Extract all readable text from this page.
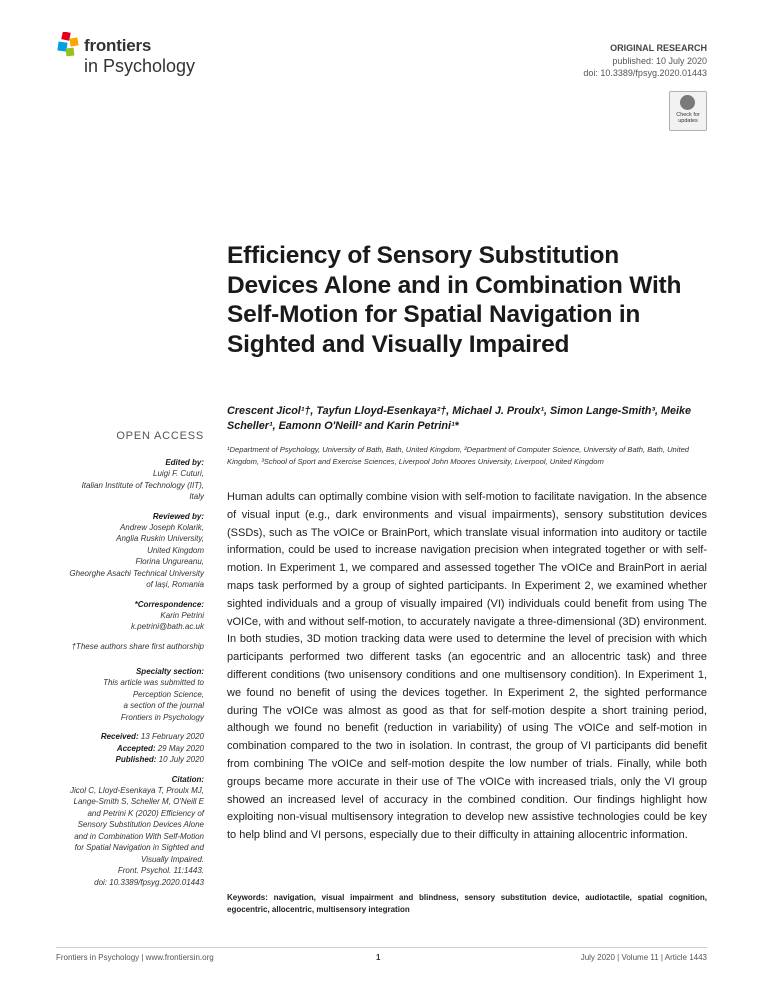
frontiers
in Psychology
ORIGINAL RESEARCH
published: 10 July 2020
doi: 10.3389/fpsyg.2020.01443
Check for updates
Efficiency of Sensory Substitution Devices Alone and in Combination With Self-Motion for Spatial Navigation in Sighted and Visually Impaired
Crescent Jicol¹†, Tayfun Lloyd-Esenkaya²†, Michael J. Proulx¹, Simon Lange-Smith³, Meike Scheller¹, Eamonn O'Neill² and Karin Petrini¹*
¹Department of Psychology, University of Bath, Bath, United Kingdom, ²Department of Computer Science, University of Bath, Bath, United Kingdom, ³School of Sport and Exercise Sciences, Liverpool John Moores University, Liverpool, United Kingdom
OPEN ACCESS
Edited by:
Luigi F. Cuturi,
Italian Institute of Technology (IIT),
Italy
Reviewed by:
Andrew Joseph Kolarik,
Anglia Ruskin University,
United Kingdom
Florina Ungureanu,
Gheorghe Asachi Technical University
of Iași, Romania
*Correspondence:
Karin Petrini
k.petrini@bath.ac.uk
†These authors share first authorship
Specialty section:
This article was submitted to
Perception Science,
a section of the journal
Frontiers in Psychology
Received: 13 February 2020
Accepted: 29 May 2020
Published: 10 July 2020
Citation:
Jicol C, Lloyd-Esenkaya T, Proulx MJ,
Lange-Smith S, Scheller M, O'Neill E
and Petrini K (2020) Efficiency of
Sensory Substitution Devices Alone
and in Combination With Self-Motion
for Spatial Navigation in Sighted and
Visually Impaired.
Front. Psychol. 11:1443.
doi: 10.3389/fpsyg.2020.01443
Human adults can optimally combine vision with self-motion to facilitate navigation. In the absence of visual input (e.g., dark environments and visual impairments), sensory substitution devices (SSDs), such as The vOICe or BrainPort, which translate visual information into auditory or tactile information, could be used to increase navigation precision when integrated together or with self-motion. In Experiment 1, we compared and assessed together The vOICe and BrainPort in aerial maps task performed by a group of sighted participants. In Experiment 2, we examined whether sighted individuals and a group of visually impaired (VI) individuals could benefit from using The vOICe, with and without self-motion, to accurately navigate a three-dimensional (3D) environment. In both studies, 3D motion tracking data were used to determine the level of precision with which participants performed two different tasks (an egocentric and an allocentric task) and three different conditions (two unisensory conditions and one multisensory condition). In Experiment 1, we found no benefit of using the devices together. In Experiment 2, the sighted performance during The vOICe was almost as good as that for self-motion despite a short training period, although we found no benefit (reduction in variability) of using The vOICe and self-motion in combination compared to the two in isolation. In contrast, the group of VI participants did benefit from combining The vOICe and self-motion despite the low number of trials. Finally, while both groups became more accurate in their use of The vOICe with increased trials, only the VI group showed an increased level of accuracy in the combined condition. Our findings highlight how exploiting non-visual multisensory integration to develop new assistive technologies could be key to help blind and VI persons, especially due to their difficulty in attaining allocentric information.
Keywords: navigation, visual impairment and blindness, sensory substitution device, audiotactile, spatial cognition, egocentric, allocentric, multisensory integration
Frontiers in Psychology | www.frontiersin.org	1	July 2020 | Volume 11 | Article 1443
